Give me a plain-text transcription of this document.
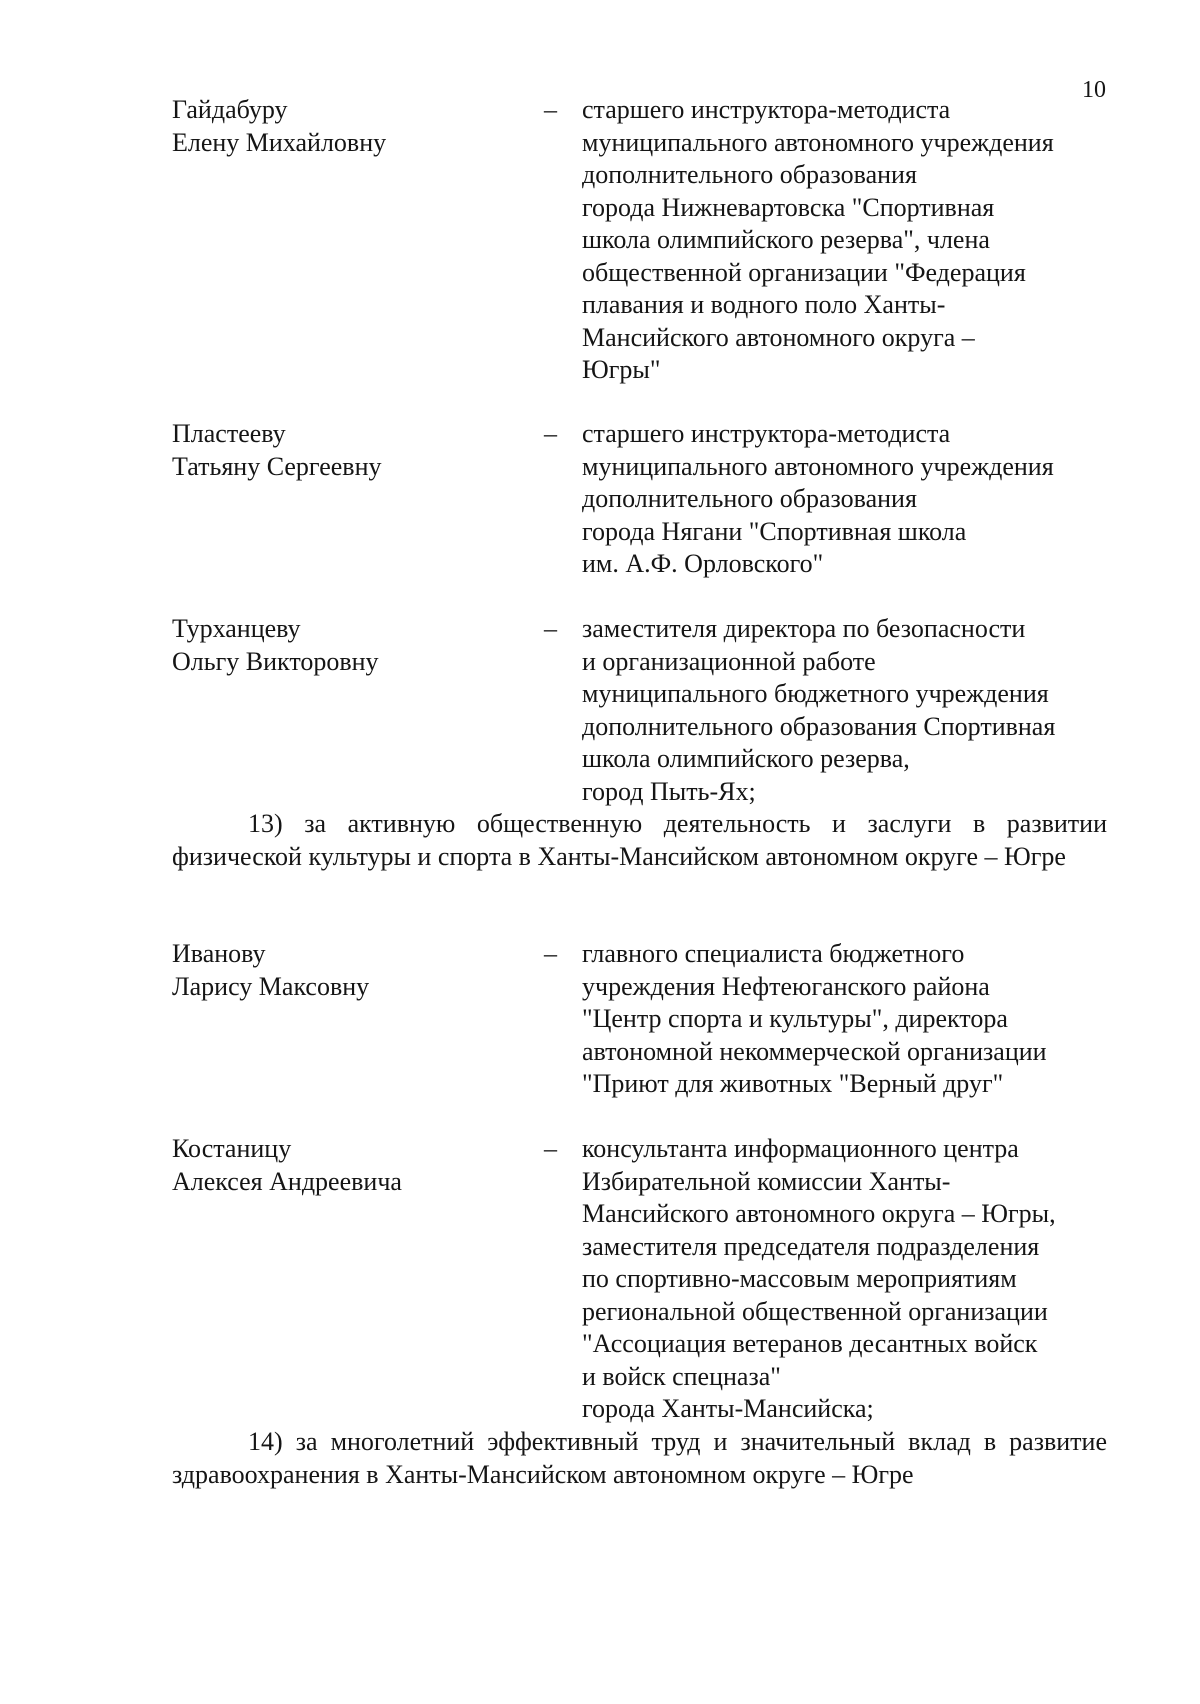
10
Гайдабуру
Елену Михайловну
– старшего инструктора-методиста
муниципального автономного учреждения
дополнительного образования
города Нижневартовска "Спортивная
школа олимпийского резерва", члена
общественной организации "Федерация
плавания и водного поло Ханты-
Мансийского автономного округа –
Югры"
Пластееву
Татьяну Сергеевну
– старшего инструктора-методиста
муниципального автономного учреждения
дополнительного образования
города Нягани "Спортивная школа
им. А.Ф. Орловского"
Турханцеву
Ольгу Викторовну
– заместителя директора по безопасности
и организационной работе
муниципального бюджетного учреждения
дополнительного образования Спортивная
школа олимпийского резерва,
город Пыть-Ях;
13) за активную общественную деятельность и заслуги в развитии физической культуры и спорта в Ханты-Мансийском автономном округе – Югре
Иванову
Ларису Максовну
– главного специалиста бюджетного
учреждения Нефтеюганского района
"Центр спорта и культуры", директора
автономной некоммерческой организации
"Приют для животных "Верный друг"
Костаницу
Алексея Андреевича
– консультанта информационного центра
Избирательной комиссии Ханты-
Мансийского автономного округа – Югры,
заместителя председателя подразделения
по спортивно-массовым мероприятиям
региональной общественной организации
"Ассоциация ветеранов десантных войск
и войск спецназа"
города Ханты-Мансийска;
14) за многолетний эффективный труд и значительный вклад в развитие здравоохранения в Ханты-Мансийском автономном округе – Югре
